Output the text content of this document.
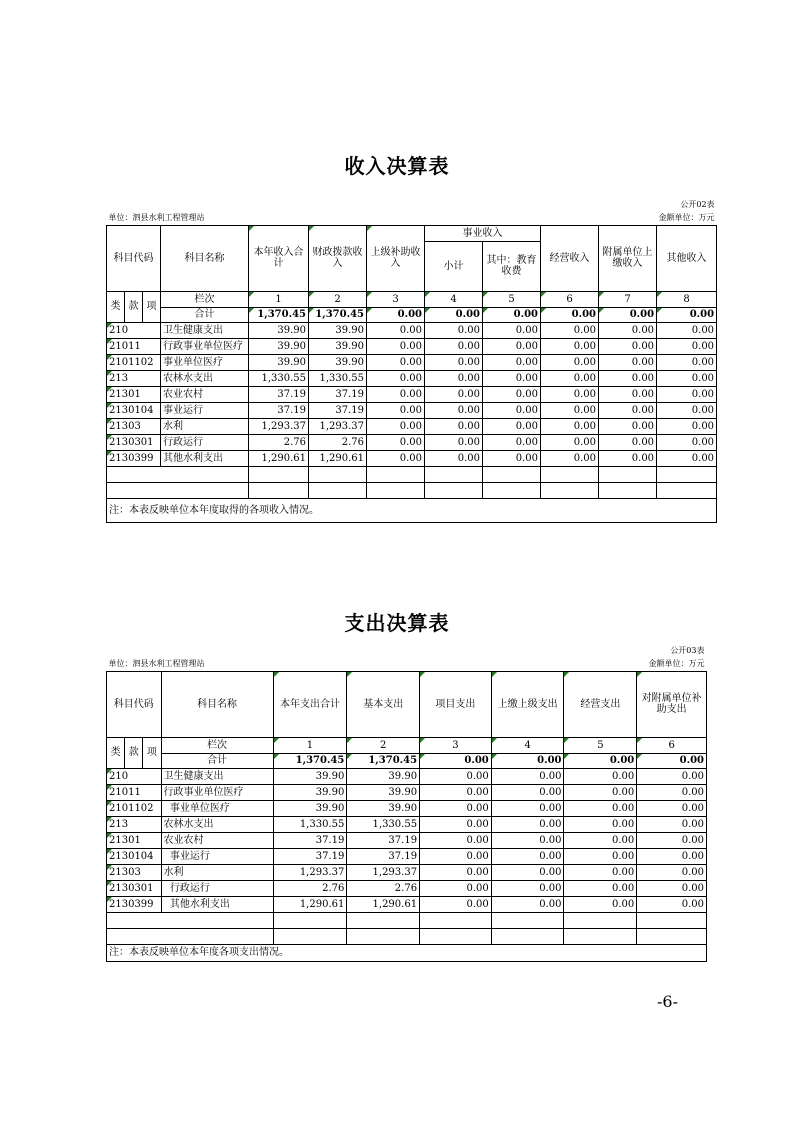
收入决算表
											公开02表
单位：泗县水利工程管理站										金额单位：万元	
科目代码			科目名称	本年收入合计	财政拨款收入	上级补助收入	事业收入		经营收入	附属单位上缴收入	其他收入
							小计	其中：教育收费			
类	款	项	栏次	1	2	3	4	5	6	7	8
			合计	1,370.45	1,370.45	0.00	0.00	0.00	0.00	0.00	0.00
210			卫生健康支出	39.90	39.90	0.00	0.00	0.00	0.00	0.00	0.00
21011			行政事业单位医疗	39.90	39.90	0.00	0.00	0.00	0.00	0.00	0.00
2101102			事业单位医疗	39.90	39.90	0.00	0.00	0.00	0.00	0.00	0.00
213			农林水支出	1,330.55	1,330.55	0.00	0.00	0.00	0.00	0.00	0.00
21301			农业农村	37.19	37.19	0.00	0.00	0.00	0.00	0.00	0.00
2130104			事业运行	37.19	37.19	0.00	0.00	0.00	0.00	0.00	0.00
21303			水利	1,293.37	1,293.37	0.00	0.00	0.00	0.00	0.00	0.00
2130301			行政运行	2.76	2.76	0.00	0.00	0.00	0.00	0.00	0.00
2130399			其他水利支出	1,290.61	1,290.61	0.00	0.00	0.00	0.00	0.00	0.00

注：本表反映单位本年度取得的各项收入情况。											
支出决算表
									公开03表
单位：泗县水利工程管理站								金额单位：万元	
科目代码			科目名称	本年支出合计	基本支出	项目支出	上缴上级支出	经营支出	对附属单位补助支出
类	款	项	栏次	1	2	3	4	5	6
			合计	1,370.45	1,370.45	0.00	0.00	0.00	0.00
210			卫生健康支出	39.90	39.90	0.00	0.00	0.00	0.00
21011			行政事业单位医疗	39.90	39.90	0.00	0.00	0.00	0.00
2101102			事业单位医疗	39.90	39.90	0.00	0.00	0.00	0.00
213			农林水支出	1,330.55	1,330.55	0.00	0.00	0.00	0.00
21301			农业农村	37.19	37.19	0.00	0.00	0.00	0.00
2130104			事业运行	37.19	37.19	0.00	0.00	0.00	0.00
21303			水利	1,293.37	1,293.37	0.00	0.00	0.00	0.00
2130301			行政运行	2.76	2.76	0.00	0.00	0.00	0.00
2130399			其他水利支出	1,290.61	1,290.61	0.00	0.00	0.00	0.00

注：本表反映单位本年度各项支出情况。									
-6-
